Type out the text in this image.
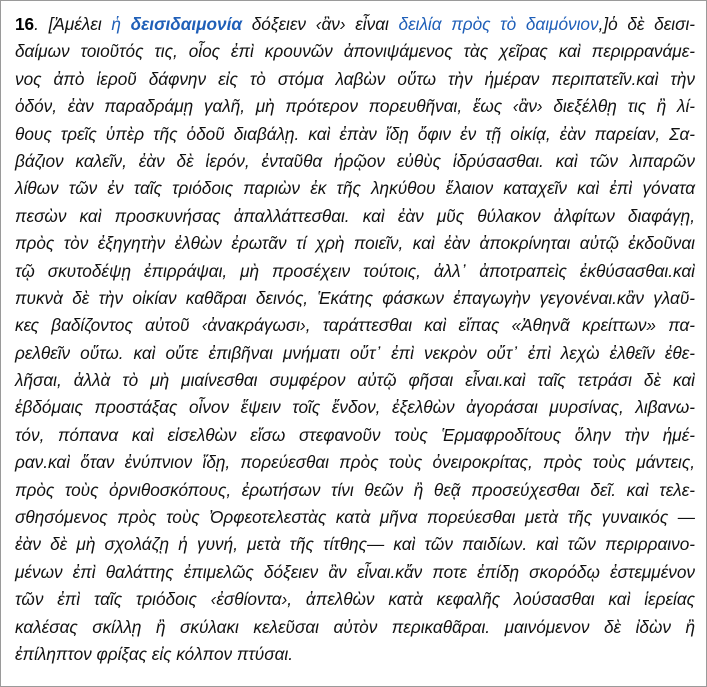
16. [Ἀμέλει ἡ δεισιδαιμονία δόξειεν ‹ἂν› εἶναι δειλία πρὸς τὸ δαιμόνιον,]ὁ δὲ δεισι-
δαίμων τοιοῦτός τις, οἷος ἐπὶ κρουνῶν ἀπονιψάμενος τὰς χεῖρας καὶ περιρρανάμε-
νος ἀπὸ ἱεροῦ δάφνην εἰς τὸ στόμα λαβὼν οὕτω τὴν ἡμέραν περιπατεῖν.καὶ τὴν
ὁδόν, ἐὰν παραδράμῃ γαλῆ, μὴ πρότερον πορευθῆναι, ἕως ‹ἂν› διεξέλθῃ τις ἢ λί-
θους τρεῖς ὑπὲρ τῆς ὁδοῦ διαβάλῃ. καὶ ἐπὰν ἴδῃ ὄφιν ἐν τῇ οἰκίᾳ, ἐὰν παρείαν, Σα-
βάζιον καλεῖν, ἐὰν δὲ ἱερόν, ἐνταῦθα ἡρῷον εὐθὺς ἱδρύσασθαι. καὶ τῶν λιπαρῶν
λίθων τῶν ἐν ταῖς τριόδοις παριὼν ἐκ τῆς ληκύθου ἔλαιον καταχεῖν καὶ ἐπὶ γόνατα
πεσὼν καὶ προσκυνήσας ἀπαλλάττεσθαι. καὶ ἐὰν μῦς θύλακον ἀλφίτων διαφάγῃ,
πρὸς τὸν ἐξηγητὴν ἐλθὼν ἐρωτᾶν τί χρὴ ποιεῖν, καὶ ἐὰν ἀποκρίνηται αὐτῷ ἐκδοῦναι
τῷ σκυτοδέψῃ ἐπιρράψαι, μὴ προσέχειν τούτοις, ἀλλ᾽ ἀποτραπεὶς ἐκθύσασθαι.καὶ
πυκνὰ δὲ τὴν οἰκίαν καθᾶραι δεινός, Ἑκάτης φάσκων ἐπαγωγὴν γεγονέναι.κἂν γλαῦ-
κες βαδίζοντος αὐτοῦ ‹ἀνακράγωσι›, ταράττεσθαι καὶ εἴπας «Ἀθηνᾶ κρείττων» πα-
ρελθεῖν οὕτω. καὶ οὔτε ἐπιβῆναι μνήματι οὔτ᾽ ἐπὶ νεκρὸν οὔτ᾽ ἐπὶ λεχὼ ἐλθεῖν ἐθε-
λῆσαι, ἀλλὰ τὸ μὴ μιαίνεσθαι συμφέρον αὐτῷ φῆσαι εἶναι.καὶ ταῖς τετράσι δὲ καὶ
ἑβδόμαις προστάξας οἶνον ἕψειν τοῖς ἔνδον, ἐξελθὼν ἀγοράσαι μυρσίνας, λιβανω-
τόν, πόπανα καὶ εἰσελθὼν εἴσω στεφανοῦν τοὺς Ἑρμαφροδίτους ὅλην τὴν ἡμέ-
ραν.καὶ ὅταν ἐνύπνιον ἴδῃ, πορεύεσθαι πρὸς τοὺς ὀνειροκρίτας, πρὸς τοὺς μάντεις,
πρὸς τοὺς ὀρνιθοσκόπους, ἐρωτήσων τίνι θεῶν ἢ θεᾷ προσεύχεσθαι δεῖ. καὶ τελε-
σθησόμενος πρὸς τοὺς Ὀρφεοτελεστὰς κατὰ μῆνα πορεύεσθαι μετὰ τῆς γυναικός —
ἐὰν δὲ μὴ σχολάζῃ ἡ γυνή, μετὰ τῆς τίτθης— καὶ τῶν παιδίων. καὶ τῶν περιρραινο-
μένων ἐπὶ θαλάττης ἐπιμελῶς δόξειεν ἂν εἶναι.κἄν ποτε ἐπίδῃ σκορόδῳ ἐστεμμένον
τῶν ἐπὶ ταῖς τριόδοις ‹ἐσθίοντα›, ἀπελθὼν κατὰ κεφαλῆς λούσασθαι καὶ ἱερείας
καλέσας σκίλλῃ ἢ σκύλακι κελεῦσαι αὐτὸν περικαθᾶραι. μαινόμενον δὲ ἰδὼν ἢ
ἐπίληπτον φρίξας εἰς κόλπον πτύσαι.
